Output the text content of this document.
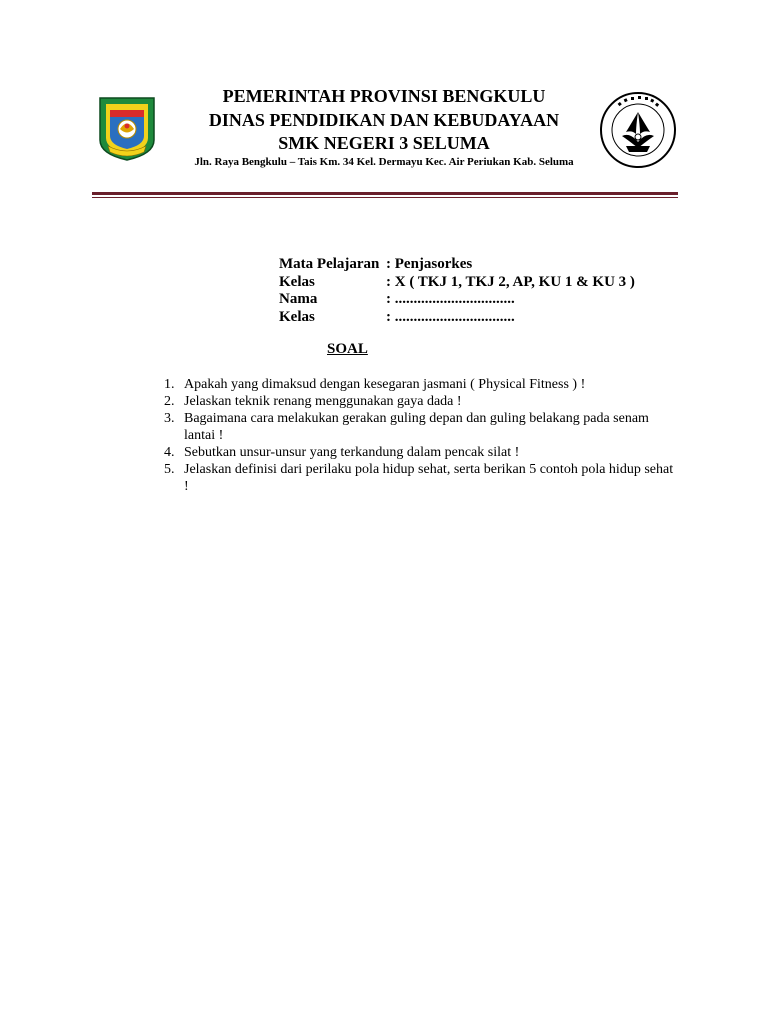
PEMERINTAH PROVINSI BENGKULU
DINAS PENDIDIKAN DAN KEBUDAYAAN
SMK NEGERI 3 SELUMA
Jln. Raya Bengkulu – Tais Km. 34 Kel. Dermayu Kec. Air Periukan Kab. Seluma
Mata Pelajaran : Penjasorkes
Kelas	: X ( TKJ 1, TKJ 2, AP, KU 1 & KU 3 )
Nama	: ................................
Kelas	: ................................
SOAL
1. Apakah yang dimaksud dengan kesegaran jasmani ( Physical Fitness ) !
2. Jelaskan teknik renang menggunakan gaya dada !
3. Bagaimana cara melakukan gerakan guling depan dan guling belakang pada senam lantai !
4. Sebutkan unsur-unsur yang terkandung dalam pencak silat !
5. Jelaskan definisi dari perilaku pola hidup sehat, serta berikan 5 contoh pola hidup sehat !
